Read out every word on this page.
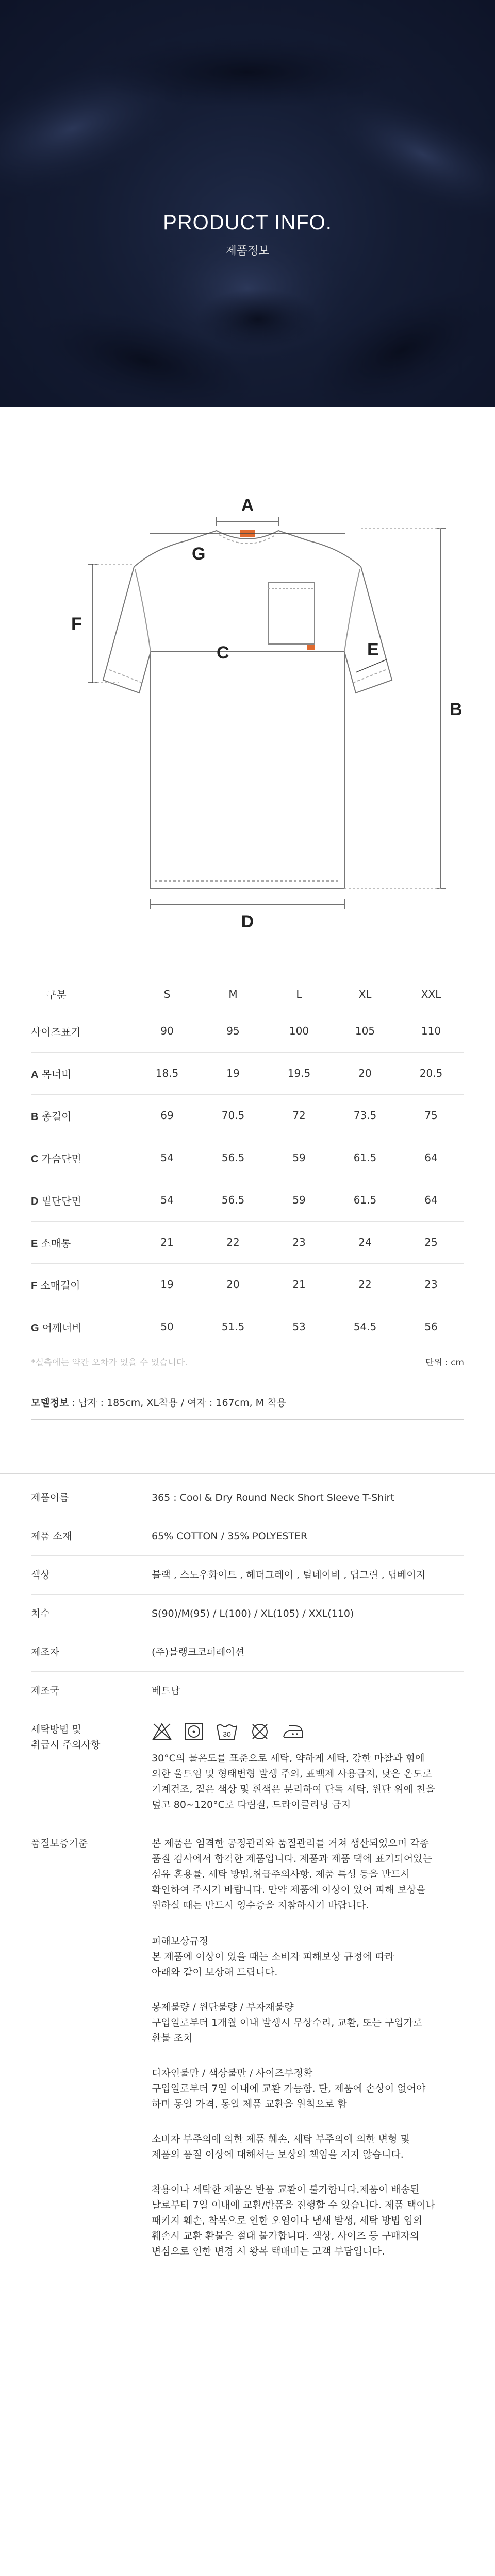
PRODUCT INFO.
제품정보
A
B
C
D
E
F
G
구분	S	M	L	XL	XXL
사이즈표기	90	95	100	105	110
A 목너비	18.5	19	19.5	20	20.5
B 총길이	69	70.5	72	73.5	75
C 가슴단면	54	56.5	59	61.5	64
D 밑단단면	54	56.5	59	61.5	64
E 소매통	21	22	23	24	25
F 소매길이	19	20	21	22	23
G 어깨너비	50	51.5	53	54.5	56
*실측에는 약간 오차가 있을 수 있습니다.	단위 : cm
모델정보 : 남자 : 185cm, XL착용 / 여자 : 167cm, M 착용
제품이름	365 : Cool & Dry Round Neck Short Sleeve T-Shirt
제품 소재	65% COTTON / 35% POLYESTER
색상	블랙 , 스노우화이트 , 헤더그레이 , 틸네이비 , 딥그린 , 딥베이지
치수	S(90)/M(95) / L(100) / XL(105) / XXL(110)
제조자	(주)블랭크코퍼레이션
제조국	베트남
세탁방법 및
취급시 주의사항
30
30°C의 물온도를 표준으로 세탁, 약하게 세탁, 강한 마찰과 힘에
의한 울트임 및 형태변형 발생 주의, 표백제 사용금지, 낮은 온도로
기계건조, 짙은 색상 및 흰색은 분리하여 단독 세탁, 원단 위에 천을
덮고 80~120°C로 다림질, 드라이클리닝 금지
품질보증기준	본 제품은 엄격한 공정관리와 품질관리를 거쳐 생산되었으며 각종
품질 검사에서 합격한 제품입니다. 제품과 제품 택에 표기되어있는
섬유 혼용률, 세탁 방법,취급주의사항, 제품 특성 등을 반드시
확인하여 주시기 바랍니다. 만약 제품에 이상이 있어 피해 보상을
원하실 때는 반드시 영수증을 지참하시기 바랍니다.

피해보상규정

본 제품에 이상이 있을 때는 소비자 피해보상 규정에 따라
아래와 같이 보상해 드립니다.

봉제불량 / 원단불량 / 부자재불량

구입일로부터 1개월 이내 발생시 무상수리, 교환, 또는 구입가로
환불 조치

디자인불만 / 색상불만 / 사이즈부정확

구입일로부터 7일 이내에 교환 가능함. 단, 제품에 손상이 없어야
하며 동일 가격, 동일 제품 교환을 원칙으로 함

소비자 부주의에 의한 제품 훼손, 세탁 부주의에 의한 변형 및
제품의 품질 이상에 대해서는 보상의 책임을 지지 않습니다.

착용이나 세탁한 제품은 반품 교환이 불가합니다.제품이 배송된
날로부터 7일 이내에 교환/반품을 진행할 수 있습니다. 제품 택이나
패키지 훼손, 착복으로 인한 오염이나 냄새 발생, 세탁 방법 임의
훼손시 교환 환불은 절대 불가합니다. 색상, 사이즈 등 구매자의
변심으로 인한 변경 시 왕복 택배비는 고객 부담입니다.
